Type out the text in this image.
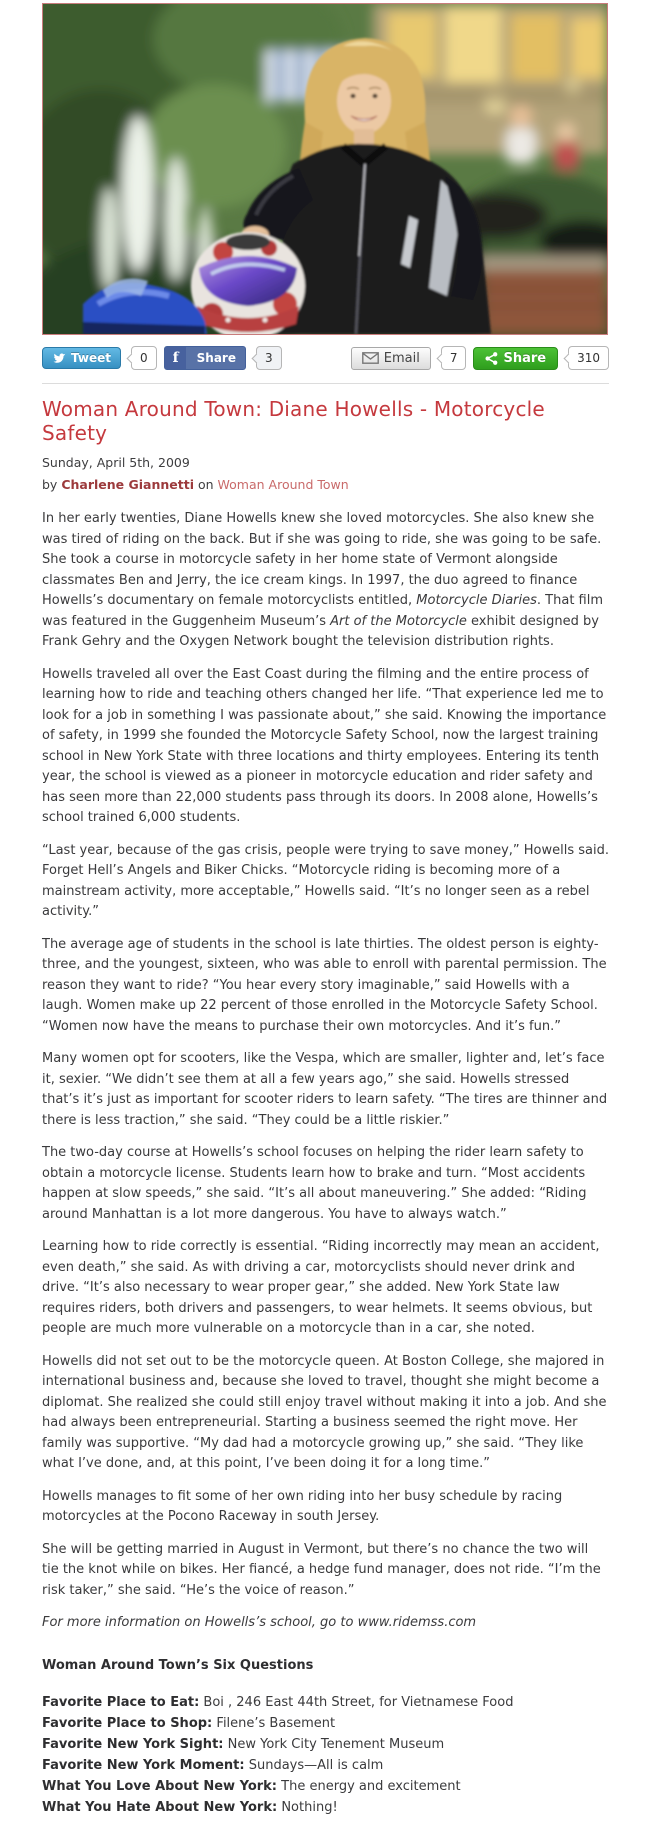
Tweet	0	f	Share	3	Email	7	Share	310
Woman Around Town: Diane Howells - Motorcycle Safety
Sunday, April 5th, 2009
by Charlene Giannetti on Woman Around Town

In her early twenties, Diane Howells knew she loved motorcycles. She also knew she was tired of riding on the back. But if she was going to ride, she was going to be safe. She took a course in motorcycle safety in her home state of Vermont alongside classmates Ben and Jerry, the ice cream kings. In 1997, the duo agreed to finance Howells’s documentary on female motorcyclists entitled, Motorcycle Diaries. That film was featured in the Guggenheim Museum’s Art of the Motorcycle exhibit designed by Frank Gehry and the Oxygen Network bought the television distribution rights.

Howells traveled all over the East Coast during the filming and the entire process of learning how to ride and teaching others changed her life. “That experience led me to look for a job in something I was passionate about,” she said. Knowing the importance of safety, in 1999 she founded the Motorcycle Safety School, now the largest training school in New York State with three locations and thirty employees. Entering its tenth year, the school is viewed as a pioneer in motorcycle education and rider safety and has seen more than 22,000 students pass through its doors. In 2008 alone, Howells’s school trained 6,000 students.

“Last year, because of the gas crisis, people were trying to save money,” Howells said. Forget Hell’s Angels and Biker Chicks. “Motorcycle riding is becoming more of a mainstream activity, more acceptable,” Howells said. “It’s no longer seen as a rebel activity.”

The average age of students in the school is late thirties. The oldest person is eighty-three, and the youngest, sixteen, who was able to enroll with parental permission. The reason they want to ride? “You hear every story imaginable,” said Howells with a laugh. Women make up 22 percent of those enrolled in the Motorcycle Safety School. “Women now have the means to purchase their own motorcycles. And it’s fun.”

Many women opt for scooters, like the Vespa, which are smaller, lighter and, let’s face it, sexier. “We didn’t see them at all a few years ago,” she said. Howells stressed that’s it’s just as important for scooter riders to learn safety. “The tires are thinner and there is less traction,” she said. “They could be a little riskier.”

The two-day course at Howells’s school focuses on helping the rider learn safety to obtain a motorcycle license. Students learn how to brake and turn. “Most accidents happen at slow speeds,” she said. “It’s all about maneuvering.” She added: “Riding around Manhattan is a lot more dangerous. You have to always watch.”

Learning how to ride correctly is essential. “Riding incorrectly may mean an accident, even death,” she said. As with driving a car, motorcyclists should never drink and drive. “It’s also necessary to wear proper gear,” she added. New York State law requires riders, both drivers and passengers, to wear helmets. It seems obvious, but people are much more vulnerable on a motorcycle than in a car, she noted.

Howells did not set out to be the motorcycle queen. At Boston College, she majored in international business and, because she loved to travel, thought she might become a diplomat. She realized she could still enjoy travel without making it into a job. And she had always been entrepreneurial. Starting a business seemed the right move. Her family was supportive. “My dad had a motorcycle growing up,” she said. “They like what I’ve done, and, at this point, I’ve been doing it for a long time.”

Howells manages to fit some of her own riding into her busy schedule by racing motorcycles at the Pocono Raceway in south Jersey.

She will be getting married in August in Vermont, but there’s no chance the two will tie the knot while on bikes. Her fiancé, a hedge fund manager, does not ride. “I’m the risk taker,” she said. “He’s the voice of reason.”

For more information on Howells’s school, go to www.ridemss.com

Woman Around Town’s Six Questions
Favorite Place to Eat: Boi , 246 East 44th Street, for Vietnamese Food
Favorite Place to Shop: Filene’s Basement
Favorite New York Sight: New York City Tenement Museum
Favorite New York Moment: Sundays—All is calm
What You Love About New York: The energy and excitement
What You Hate About New York: Nothing!
